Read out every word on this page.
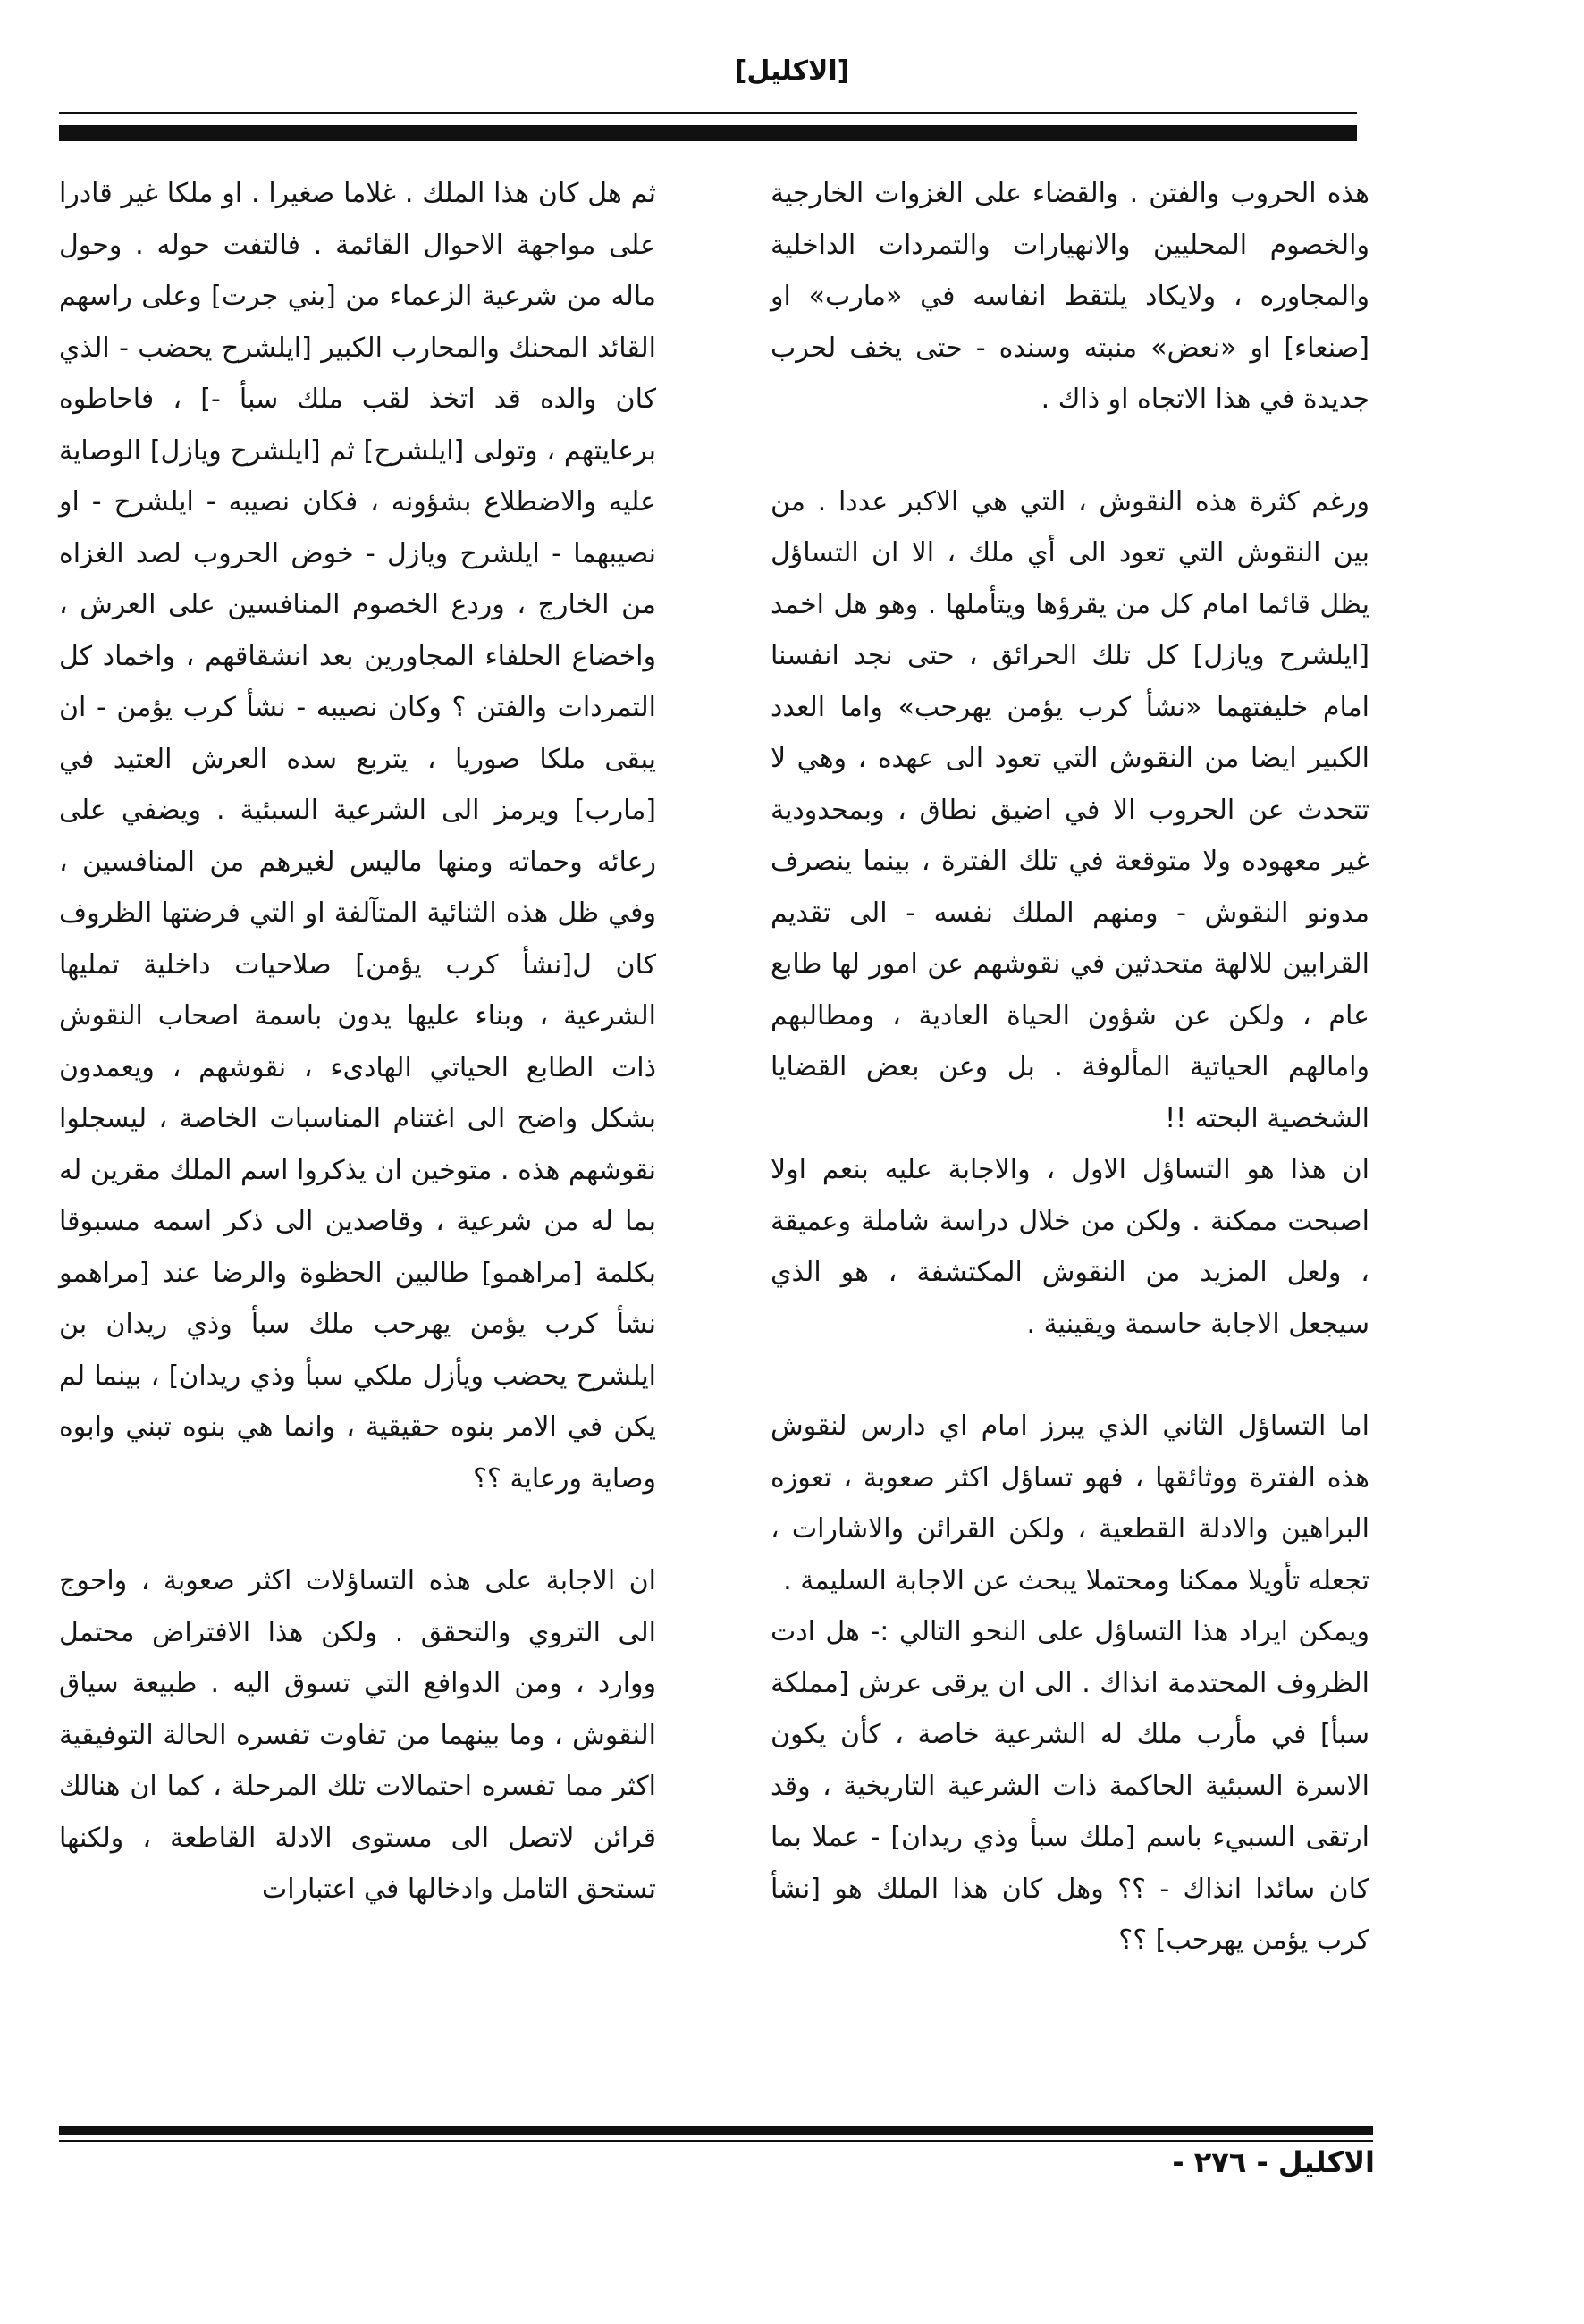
[الاكليل]

هذه الحروب والفتن . والقضاء على الغزوات الخارجية والخصوم المحليين والانهيارات والتمردات الداخلية والمجاوره ، ولايكاد يلتقط انفاسه في «مارب» او [صنعاء] او «نعض» منبته وسنده - حتى يخف لحرب جديدة في هذا الاتجاه او ذاك .

ورغم كثرة هذه النقوش ، التي هي الاكبر عددا . من بين النقوش التي تعود الى أي ملك ، الا ان التساؤل يظل قائما امام كل من يقرؤها ويتأملها . وهو هل اخمد [ايلشرح ويازل] كل تلك الحرائق ، حتى نجد انفسنا امام خليفتهما «نشأ كرب يؤمن يهرحب» واما العدد الكبير ايضا من النقوش التي تعود الى عهده ، وهي لا تتحدث عن الحروب الا في اضيق نطاق ، وبمحدودية غير معهوده ولا متوقعة في تلك الفترة ، بينما ينصرف مدونو النقوش - ومنهم الملك نفسه - الى تقديم القرابين للالهة متحدثين في نقوشهم عن امور لها طابع عام ، ولكن عن شؤون الحياة العادية ، ومطالبهم وامالهم الحياتية المألوفة . بل وعن بعض القضايا الشخصية البحته !!

ان هذا هو التساؤل الاول ، والاجابة عليه بنعم اولا اصبحت ممكنة . ولكن من خلال دراسة شاملة وعميقة ، ولعل المزيد من النقوش المكتشفة ، هو الذي سيجعل الاجابة حاسمة ويقينية .

اما التساؤل الثاني الذي يبرز امام اي دارس لنقوش هذه الفترة ووثائقها ، فهو تساؤل اكثر صعوبة ، تعوزه البراهين والادلة القطعية ، ولكن القرائن والاشارات ، تجعله تأويلا ممكنا ومحتملا يبحث عن الاجابة السليمة .

ويمكن ايراد هذا التساؤل على النحو التالي :- هل ادت الظروف المحتدمة انذاك . الى ان يرقى عرش [مملكة سبأ] في مأرب ملك له الشرعية خاصة ، كأن يكون الاسرة السبئية الحاكمة ذات الشرعية التاريخية ، وقد ارتقى السبيء باسم [ملك سبأ وذي ريدان] - عملا بما كان سائدا انذاك - ؟؟ وهل كان هذا الملك هو [نشأ كرب يؤمن يهرحب] ؟؟

ثم هل كان هذا الملك . غلاما صغيرا . او ملكا غير قادرا على مواجهة الاحوال القائمة . فالتفت حوله . وحول ماله من شرعية الزعماء من [بني جرت] وعلى راسهم القائد المحنك والمحارب الكبير [ايلشرح يحضب - الذي كان والده قد اتخذ لقب ملك سبأ -] ، فاحاطوه برعايتهم ، وتولى [ايلشرح] ثم [ايلشرح ويازل] الوصاية عليه والاضطلاع بشؤونه ، فكان نصيبه - ايلشرح - او نصيبهما - ايلشرح ويازل - خوض الحروب لصد الغزاه من الخارج ، وردع الخصوم المنافسين على العرش ، واخضاع الحلفاء المجاورين بعد انشقاقهم ، واخماد كل التمردات والفتن ؟ وكان نصيبه - نشأ كرب يؤمن - ان يبقى ملكا صوريا ، يتربع سده العرش العتيد في [مارب] ويرمز الى الشرعية السبئية . ويضفي على رعائه وحماته ومنها ماليس لغيرهم من المنافسين ، وفي ظل هذه الثنائية المتآلفة او التي فرضتها الظروف كان ل[نشأ كرب يؤمن] صلاحيات داخلية تمليها الشرعية ، وبناء عليها يدون باسمة اصحاب النقوش ذات الطابع الحياتي الهادىء ، نقوشهم ، ويعمدون بشكل واضح الى اغتنام المناسبات الخاصة ، ليسجلوا نقوشهم هذه . متوخين ان يذكروا اسم الملك مقرين له بما له من شرعية ، وقاصدين الى ذكر اسمه مسبوقا بكلمة [مراهمو] طالبين الحظوة والرضا عند [مراهمو نشأ كرب يؤمن يهرحب ملك سبأ وذي ريدان بن ايلشرح يحضب ويأزل ملكي سبأ وذي ريدان] ، بينما لم يكن في الامر بنوه حقيقية ، وانما هي بنوه تبني وابوه وصاية ورعاية ؟؟

ان الاجابة على هذه التساؤلات اكثر صعوبة ، واحوج الى التروي والتحقق . ولكن هذا الافتراض محتمل ووارد ، ومن الدوافع التي تسوق اليه . طبيعة سياق النقوش ، وما بينهما من تفاوت تفسره الحالة التوفيقية اكثر مما تفسره احتمالات تلك المرحلة ، كما ان هنالك قرائن لاتصل الى مستوى الادلة القاطعة ، ولكنها تستحق التامل وادخالها في اعتبارات

الاكليل - ٢٧٦ -
